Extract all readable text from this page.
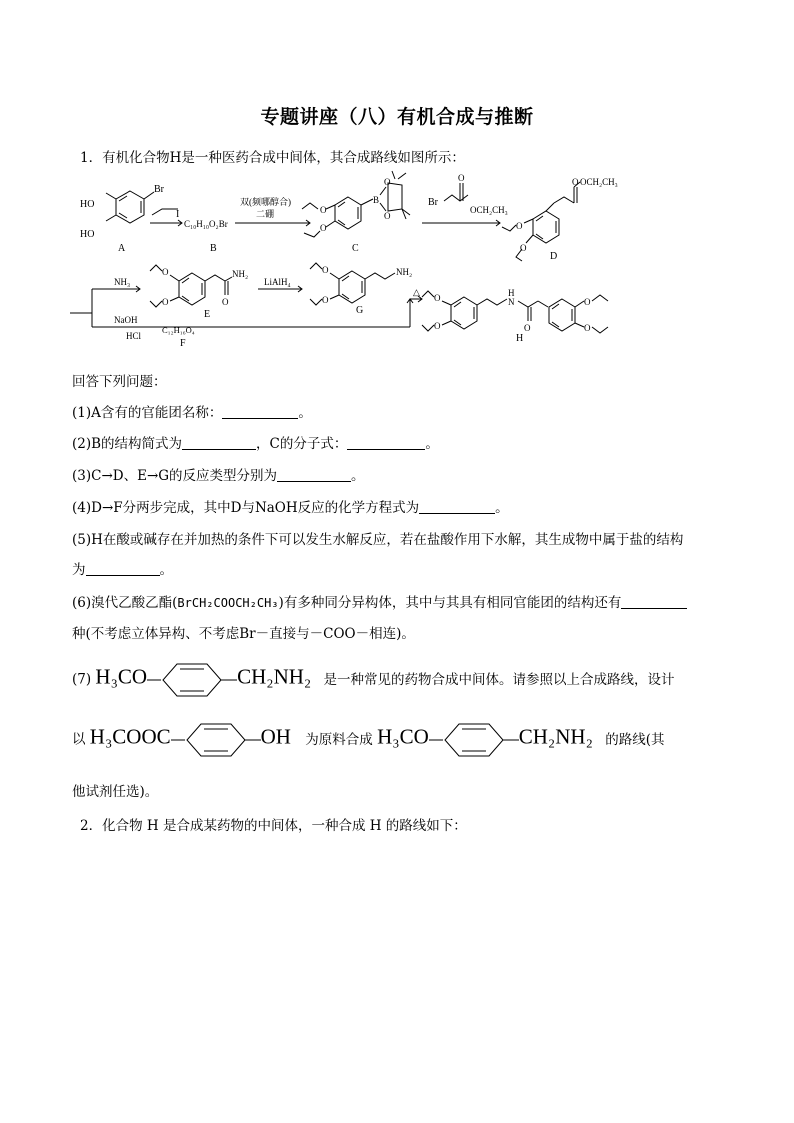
专题讲座（八）有机合成与推断
1．有机化合物H是一种医药合成中间体，其合成路线如图所示：
HO
HO
Br
A
I
C₁₀H₁₀O₂Br
B
双(频哪醇合)
二硼	O
O
B
O
O
C
Br
O
OCH₂CH₃
O OCH₂CH₃
O
O
D
NH₃
O
O
NH₂
O
E
LiAlH₄
O
O
NH₂
G
NaOH
HCl
C₁₂H₁₆O₄
F
△
O
O
H
N
O
O
O
H
回答下列问题：
(1)A含有的官能团名称：	。
(2)B的结构简式为	，C的分子式：	。
(3)C→D、E→G的反应类型分别为	。
(4)D→F分两步完成，其中D与NaOH反应的化学方程式为	。
(5)H在酸或碱存在并加热的条件下可以发生水解反应，若在盐酸作用下水解，其生成物中属于盐的结构
为	。
(6)溴代乙酸乙酯(BrCH₂COOCH₂CH₃)有多种同分异构体，其中与其具有相同官能团的结构还有
种(不考虑立体异构、不考虑Br－直接与－COO－相连)。
(7) H₃CO	CH₂NH₂ 是一种常见的药物合成中间体。请参照以上合成路线，设计
以 H₃COOC	OH 为原料合成 H₃CO	CH₂NH₂ 的路线(其
他试剂任选)。
2．化合物 H 是合成某药物的中间体，一种合成 H 的路线如下：
